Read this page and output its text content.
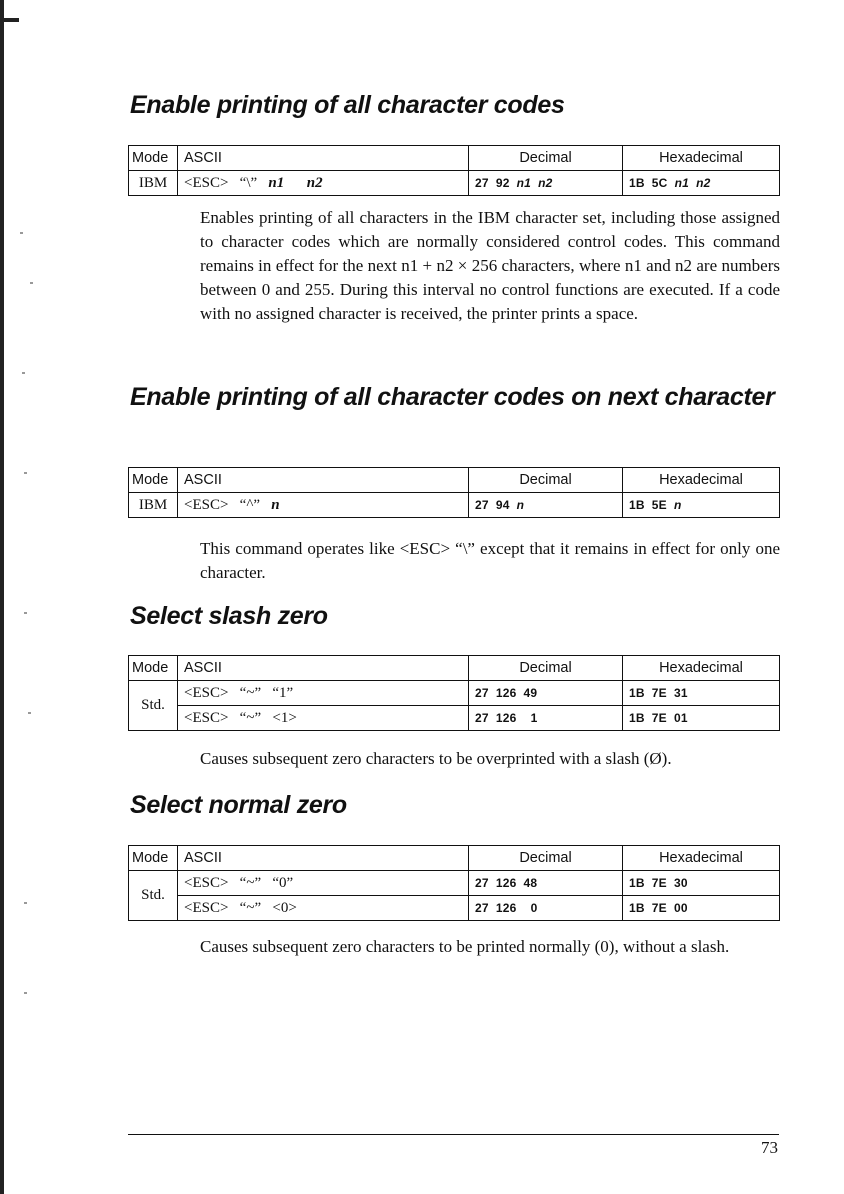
Enable printing of all character codes
Mode	ASCII	Decimal	Hexadecimal
IBM	<ESC>   “\” n1      n2	27  92  n1  n2	1B  5C  n1  n2

Enables printing of all characters in the IBM character set, including those assigned to character codes which are normally considered control codes. This command remains in effect for the next n1 + n2 × 256 characters, where n1 and n2 are numbers between 0 and 255. During this interval no control functions are executed. If a code with no assigned character is received, the printer prints a space.

Enable printing of all character codes on next character
Mode	ASCII	Decimal	Hexadecimal
IBM	<ESC>   “^” n	27  94  n	1B  5E  n

This command operates like <ESC> “\” except that it remains in effect for only one character.

Select slash zero
Mode	ASCII	Decimal	Hexadecimal
Std.	<ESC>   “~”   “1”	27  126  49	1B  7E  31
	<ESC>   “~”   <1>	27  126    1	1B  7E  01

Causes subsequent zero characters to be overprinted with a slash (Ø).

Select normal zero
Mode	ASCII	Decimal	Hexadecimal
Std.	<ESC>   “~”   “0”	27  126  48	1B  7E  30
	<ESC>   “~”   <0>	27  126    0	1B  7E  00

Causes subsequent zero characters to be printed normally (0), without a slash.

73
